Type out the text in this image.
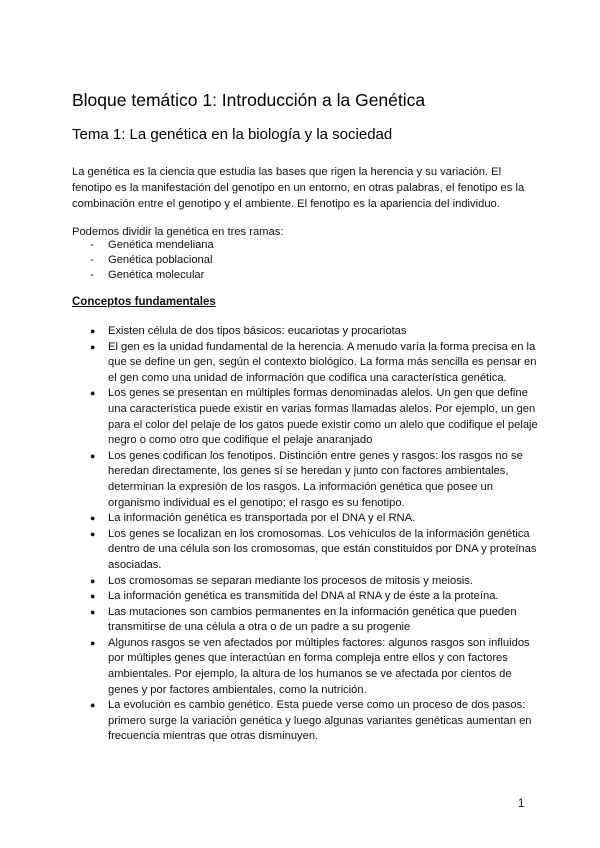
Bloque temático 1: Introducción a la Genética
Tema 1: La genética en la biología y la sociedad

La genética es la ciencia que estudia las bases que rigen la herencia y su variación. El fenotipo es la manifestación del genotipo en un entorno, en otras palabras, el fenotipo es la combinación entre el genotipo y el ambiente. El fenotipo es la apariencia del individuo.

Podemos dividir la genética en tres ramas:

- Genética mendeliana
- Genética poblacional
- Genética molecular
Conceptos fundamentales
● Existen célula de dos tipos básicos: eucariotas y procariotas
● El gen es la unidad fundamental de la herencia. A menudo varía la forma precisa en la que se define un gen, según el contexto biológico. La forma más sencilla es pensar en el gen como una unidad de información que codifica una característica genética.
● Los genes se presentan en múltiples formas denominadas alelos. Un gen que define una característica puede existir en varias formas llamadas alelos. Por ejemplo, un gen para el color del pelaje de los gatos puede existir como un alelo que codifique el pelaje negro o como otro que codifique el pelaje anaranjado
● Los genes codifican los fenotipos. Distinción entre genes y rasgos: los rasgos no se heredan directamente, los genes sí se heredan y junto con factores ambientales, determinan la expresión de los rasgos. La información genética que posee un organismo individual es el genotipo; el rasgo es su fenotipo.
● La información genética es transportada por el DNA y el RNA.
● Los genes se localizan en los cromosomas. Los vehículos de la información genética dentro de una célula son los cromosomas, que están constituidos por DNA y proteínas asociadas.
● Los cromosomas se separan mediante los procesos de mitosis y meiosis.
● La información genética es transmitida del DNA al RNA y de éste a la proteína.
● Las mutaciones son cambios permanentes en la información genética que pueden transmitirse de una célula a otra o de un padre a su progenie
● Algunos rasgos se ven afectados por múltiples factores: algunos rasgos son influidos por múltiples genes que interactúan en forma compleja entre ellos y con factores ambientales. Por ejemplo, la altura de los humanos se ve afectada por cientos de genes y por factores ambientales, como la nutrición.
● La evolución es cambio genético. Esta puede verse como un proceso de dos pasos: primero surge la variación genética y luego algunas variantes genéticas aumentan en frecuencia mientras que otras disminuyen.
1
